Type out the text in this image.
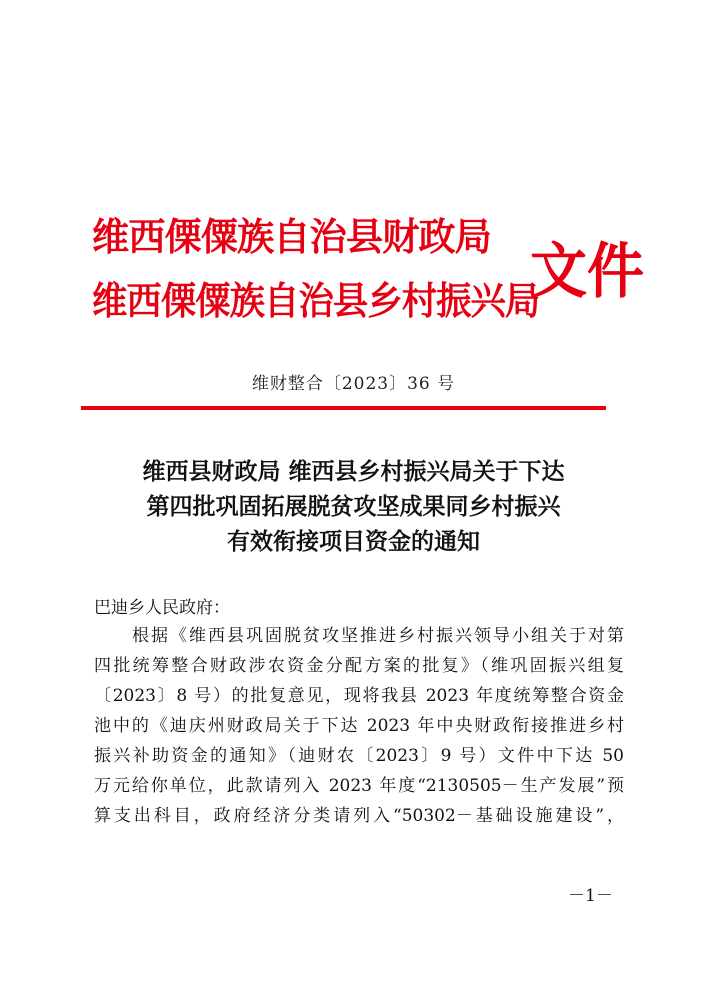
维西傈僳族自治县财政局
维西傈僳族自治县乡村振兴局
文件
维财整合〔2023〕36 号
维西县财政局 维西县乡村振兴局关于下达
第四批巩固拓展脱贫攻坚成果同乡村振兴
有效衔接项目资金的通知
巴迪乡人民政府：
　　根据《维西县巩固脱贫攻坚推进乡村振兴领导小组关于对第
四批统筹整合财政涉农资金分配方案的批复》（维巩固振兴组复
〔2023〕8 号）的批复意见，现将我县 2023 年度统筹整合资金
池中的《迪庆州财政局关于下达 2023 年中央财政衔接推进乡村
振兴补助资金的通知》（迪财农〔2023〕9 号）文件中下达 50
万元给你单位，此款请列入 2023 年度“2130505－生产发展”预
算支出科目，政府经济分类请列入“50302－基础设施建设”，
－1－
